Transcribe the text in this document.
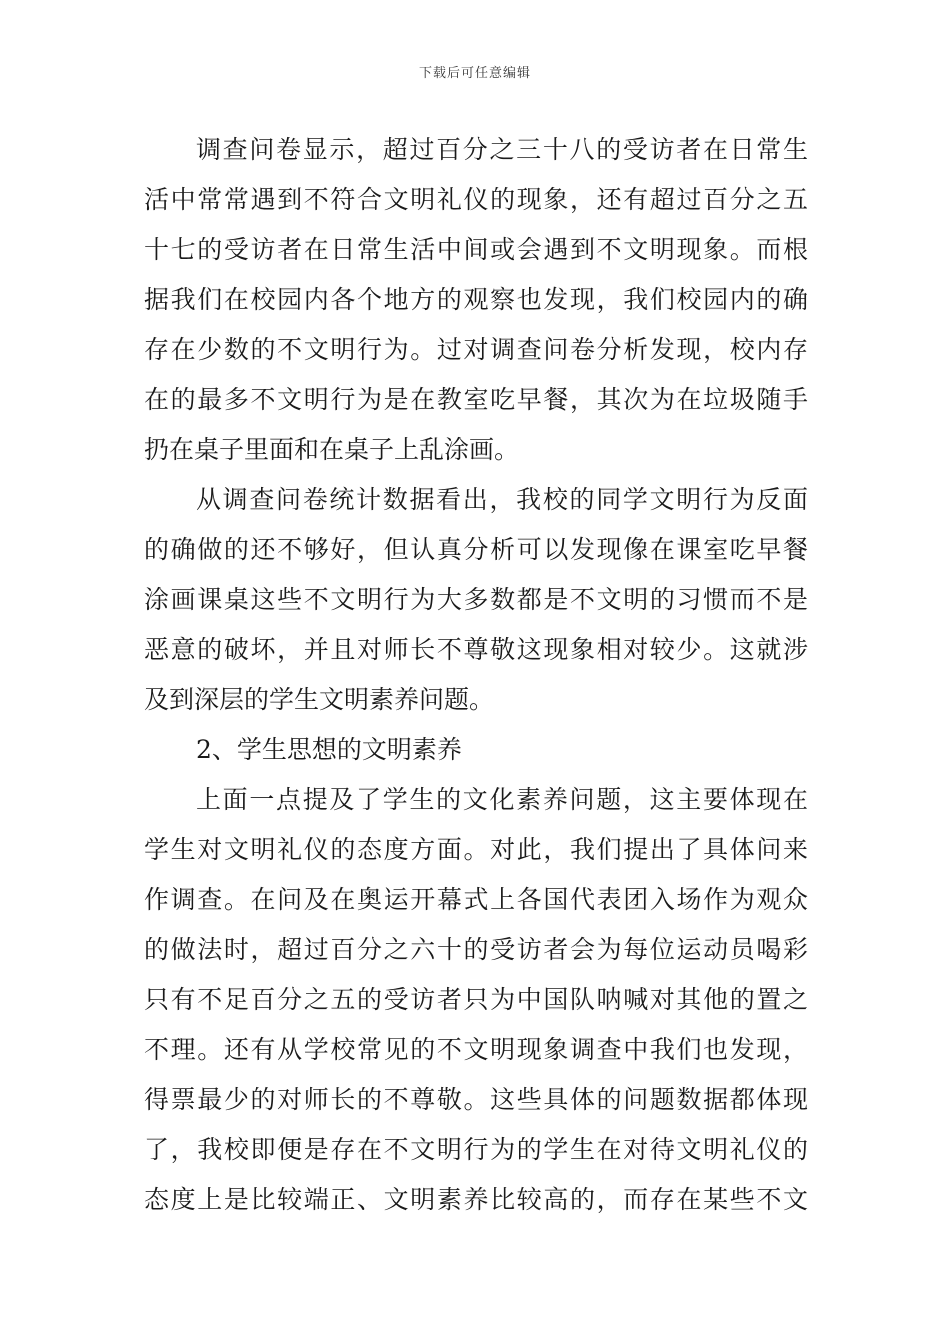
下载后可任意编辑
调查问卷显示，超过百分之三十八的受访者在日常生
活中常常遇到不符合文明礼仪的现象，还有超过百分之五
十七的受访者在日常生活中间或会遇到不文明现象。而根
据我们在校园内各个地方的观察也发现，我们校园内的确
存在少数的不文明行为。过对调查问卷分析发现，校内存
在的最多不文明行为是在教室吃早餐，其次为在垃圾随手
扔在桌子里面和在桌子上乱涂画。
从调查问卷统计数据看出，我校的同学文明行为反面
的确做的还不够好，但认真分析可以发现像在课室吃早餐
涂画课桌这些不文明行为大多数都是不文明的习惯而不是
恶意的破坏，并且对师长不尊敬这现象相对较少。这就涉
及到深层的学生文明素养问题。
2、学生思想的文明素养
上面一点提及了学生的文化素养问题，这主要体现在
学生对文明礼仪的态度方面。对此，我们提出了具体问来
作调查。在问及在奥运开幕式上各国代表团入场作为观众
的做法时，超过百分之六十的受访者会为每位运动员喝彩
只有不足百分之五的受访者只为中国队呐喊对其他的置之
不理。还有从学校常见的不文明现象调查中我们也发现，
得票最少的对师长的不尊敬。这些具体的问题数据都体现
了，我校即便是存在不文明行为的学生在对待文明礼仪的
态度上是比较端正、文明素养比较高的，而存在某些不文
